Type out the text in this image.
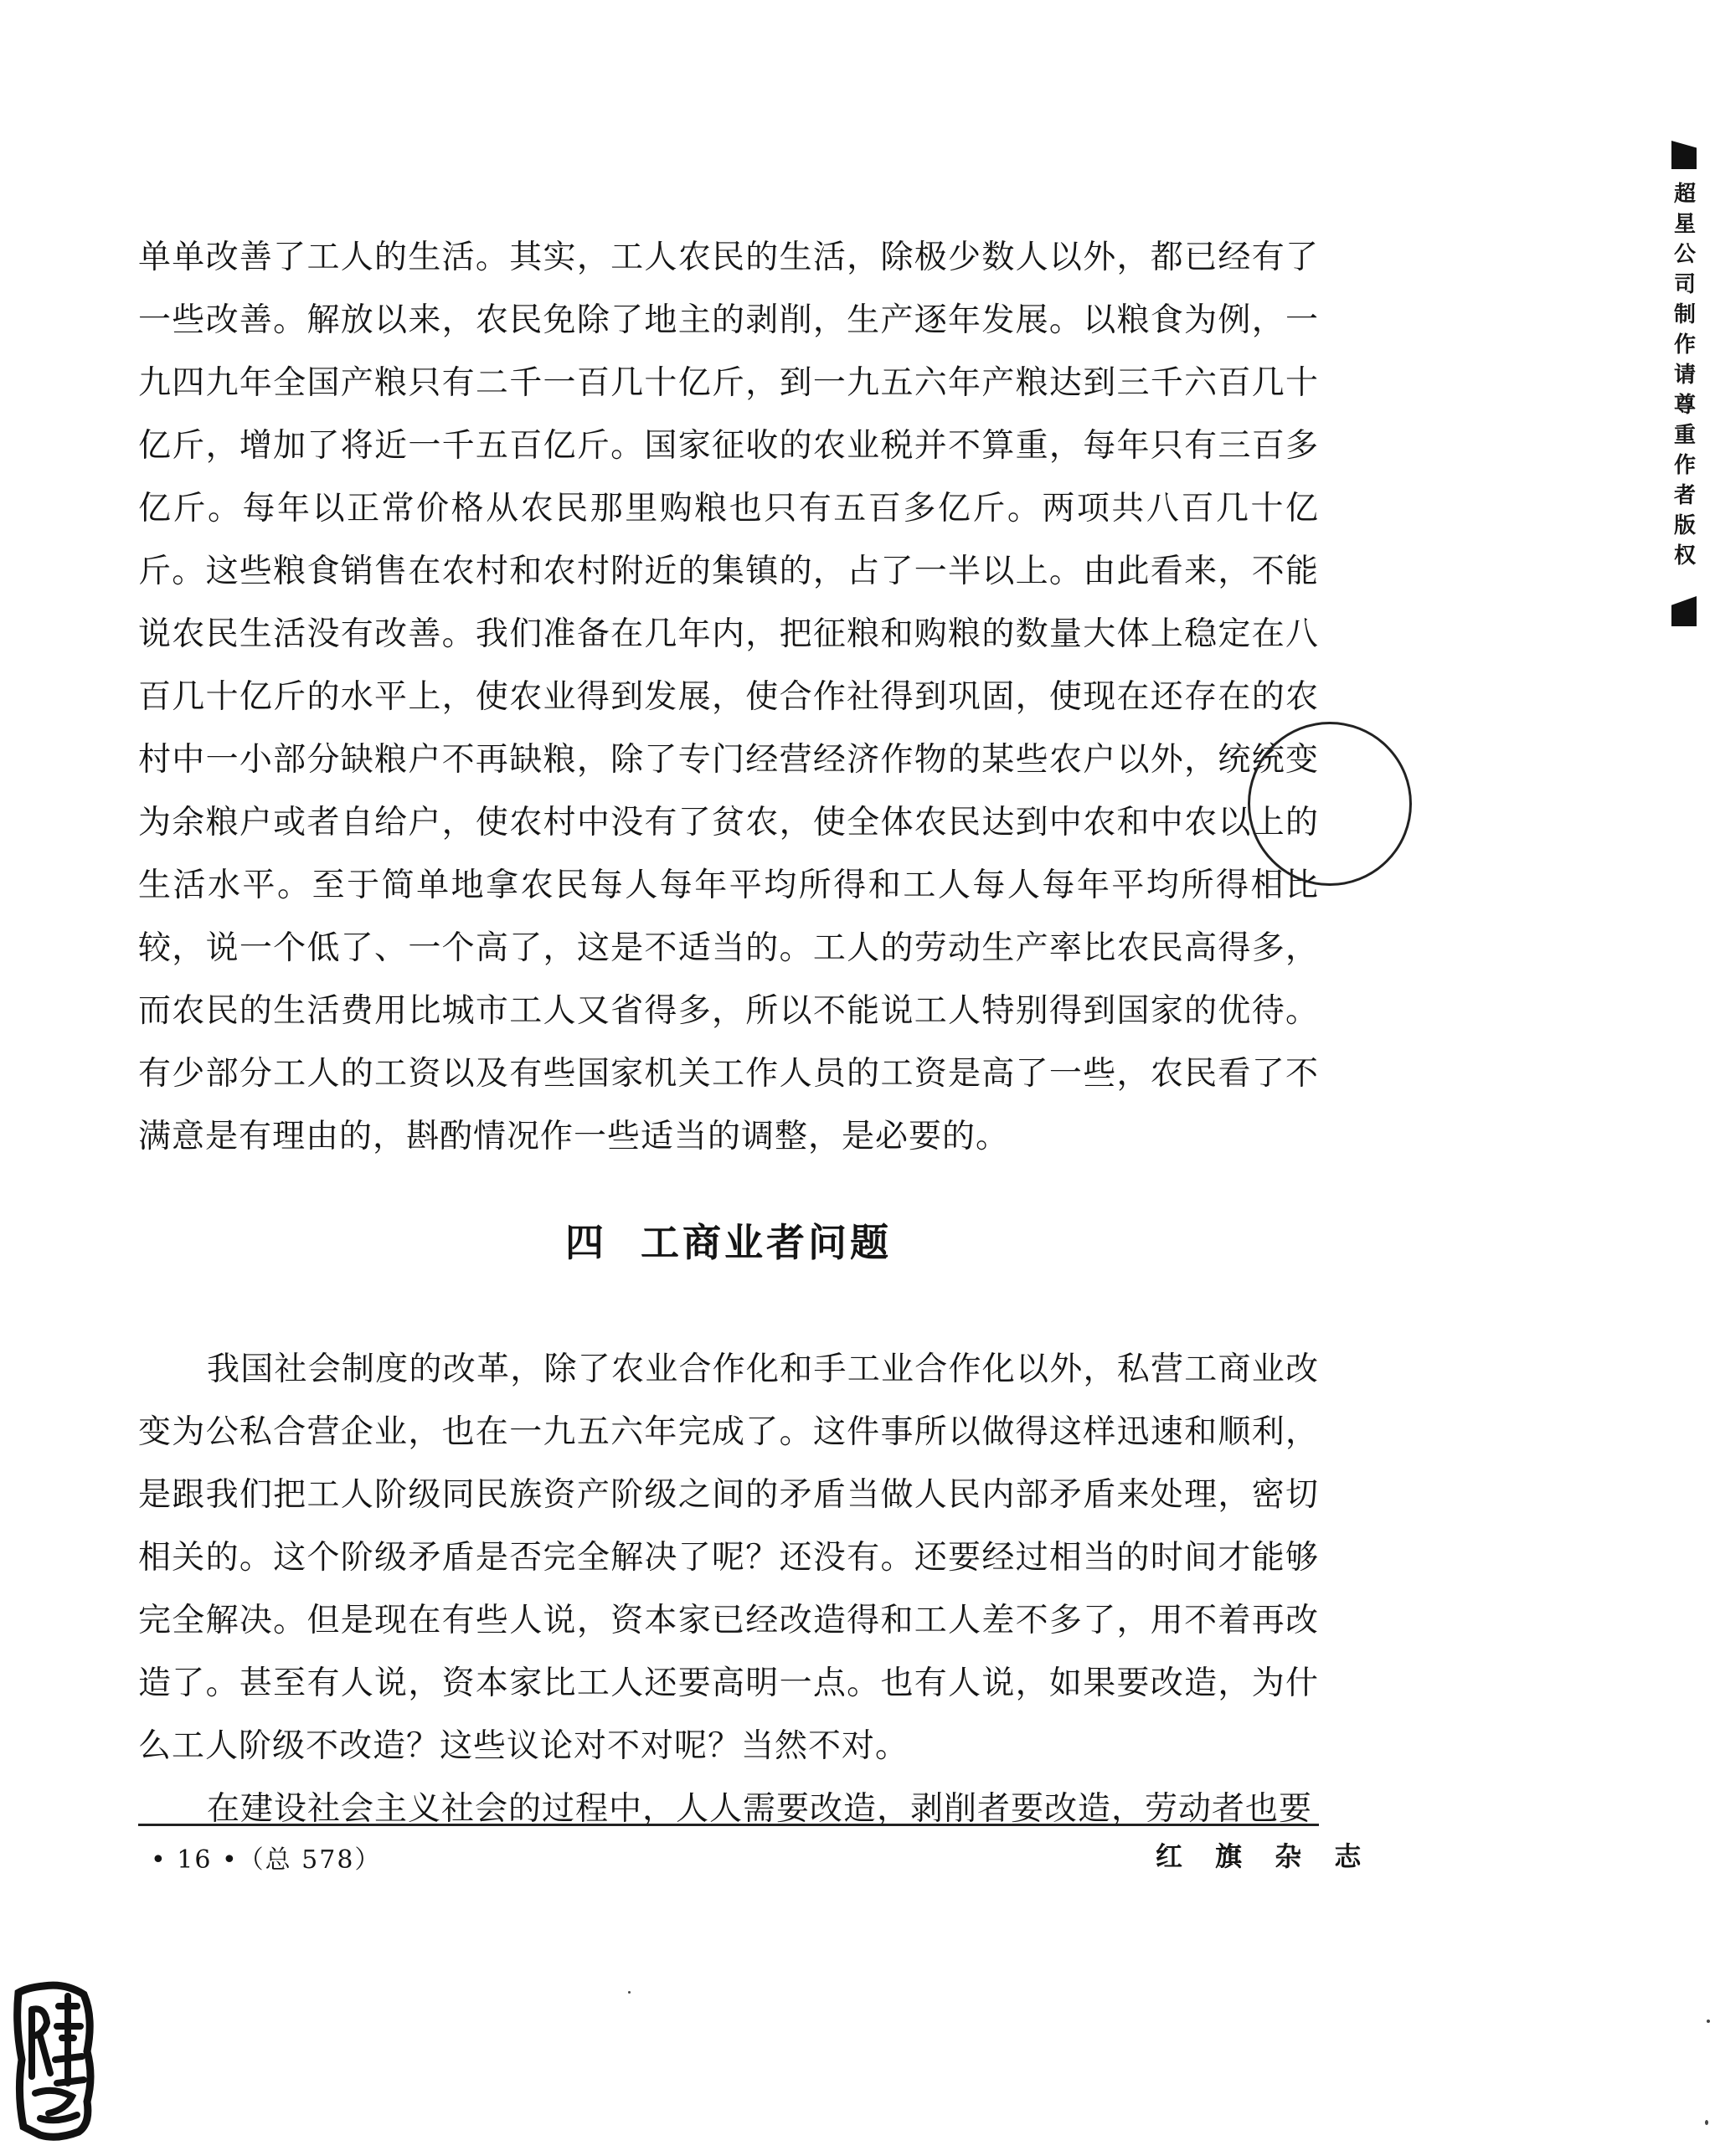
超星公司制作请尊重作者版权

单单改善了工人的生活。其实，工人农民的生活，除极少数人以外，都已经有了一些改善。解放以来，农民免除了地主的剥削，生产逐年发展。以粮食为例，一九四九年全国产粮只有二千一百几十亿斤，到一九五六年产粮达到三千六百几十亿斤，增加了将近一千五百亿斤。国家征收的农业税并不算重，每年只有三百多亿斤。每年以正常价格从农民那里购粮也只有五百多亿斤。两项共八百几十亿斤。这些粮食销售在农村和农村附近的集镇的，占了一半以上。由此看来，不能说农民生活没有改善。我们准备在几年内，把征粮和购粮的数量大体上稳定在八百几十亿斤的水平上，使农业得到发展，使合作社得到巩固，使现在还存在的农村中一小部分缺粮户不再缺粮，除了专门经营经济作物的某些农户以外，统统变为余粮户或者自给户，使农村中没有了贫农，使全体农民达到中农和中农以上的生活水平。至于简单地拿农民每人每年平均所得和工人每人每年平均所得相比较，说一个低了、一个高了，这是不适当的。工人的劳动生产率比农民高得多，而农民的生活费用比城市工人又省得多，所以不能说工人特别得到国家的优待。有少部分工人的工资以及有些国家机关工作人员的工资是高了一些，农民看了不满意是有理由的，斟酌情况作一些适当的调整，是必要的。

四 工商业者问题

我国社会制度的改革，除了农业合作化和手工业合作化以外，私营工商业改变为公私合营企业，也在一九五六年完成了。这件事所以做得这样迅速和顺利，是跟我们把工人阶级同民族资产阶级之间的矛盾当做人民内部矛盾来处理，密切相关的。这个阶级矛盾是否完全解决了呢？还没有。还要经过相当的时间才能够完全解决。但是现在有些人说，资本家已经改造得和工人差不多了，用不着再改造了。甚至有人说，资本家比工人还要高明一点。也有人说，如果要改造，为什么工人阶级不改造？这些议论对不对呢？当然不对。

在建设社会主义社会的过程中，人人需要改造，剥削者要改造，劳动者也要

• 16 •（总 578）	红 旗 杂 志
